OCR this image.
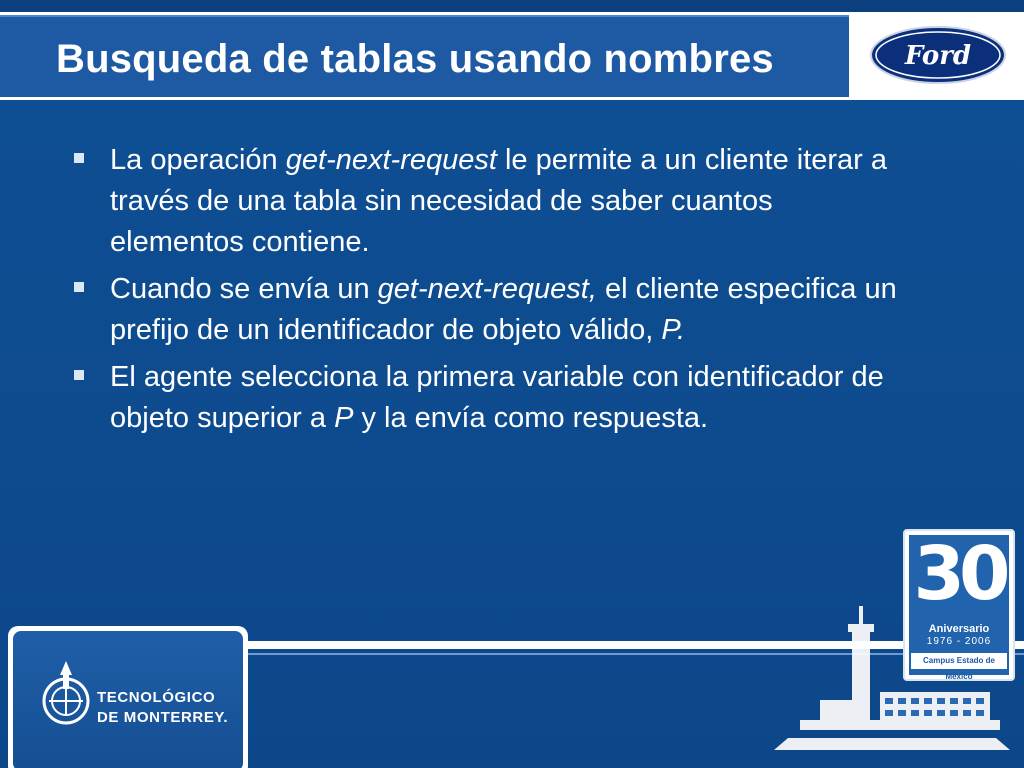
Busqueda de tablas usando nombres	Ford
La operación get-next-request le permite a un cliente iterar a través de una tabla sin necesidad de saber cuantos elementos contiene.
Cuando se envía un get-next-request, el cliente especifica un prefijo de un identificador de objeto válido, P.
El agente selecciona la primera variable con identificador de objeto superior a P y la envía como respuesta.
TECNOLÓGICO
DE MONTERREY.
30
Aniversario
1976 - 2006
Campus Estado de México
